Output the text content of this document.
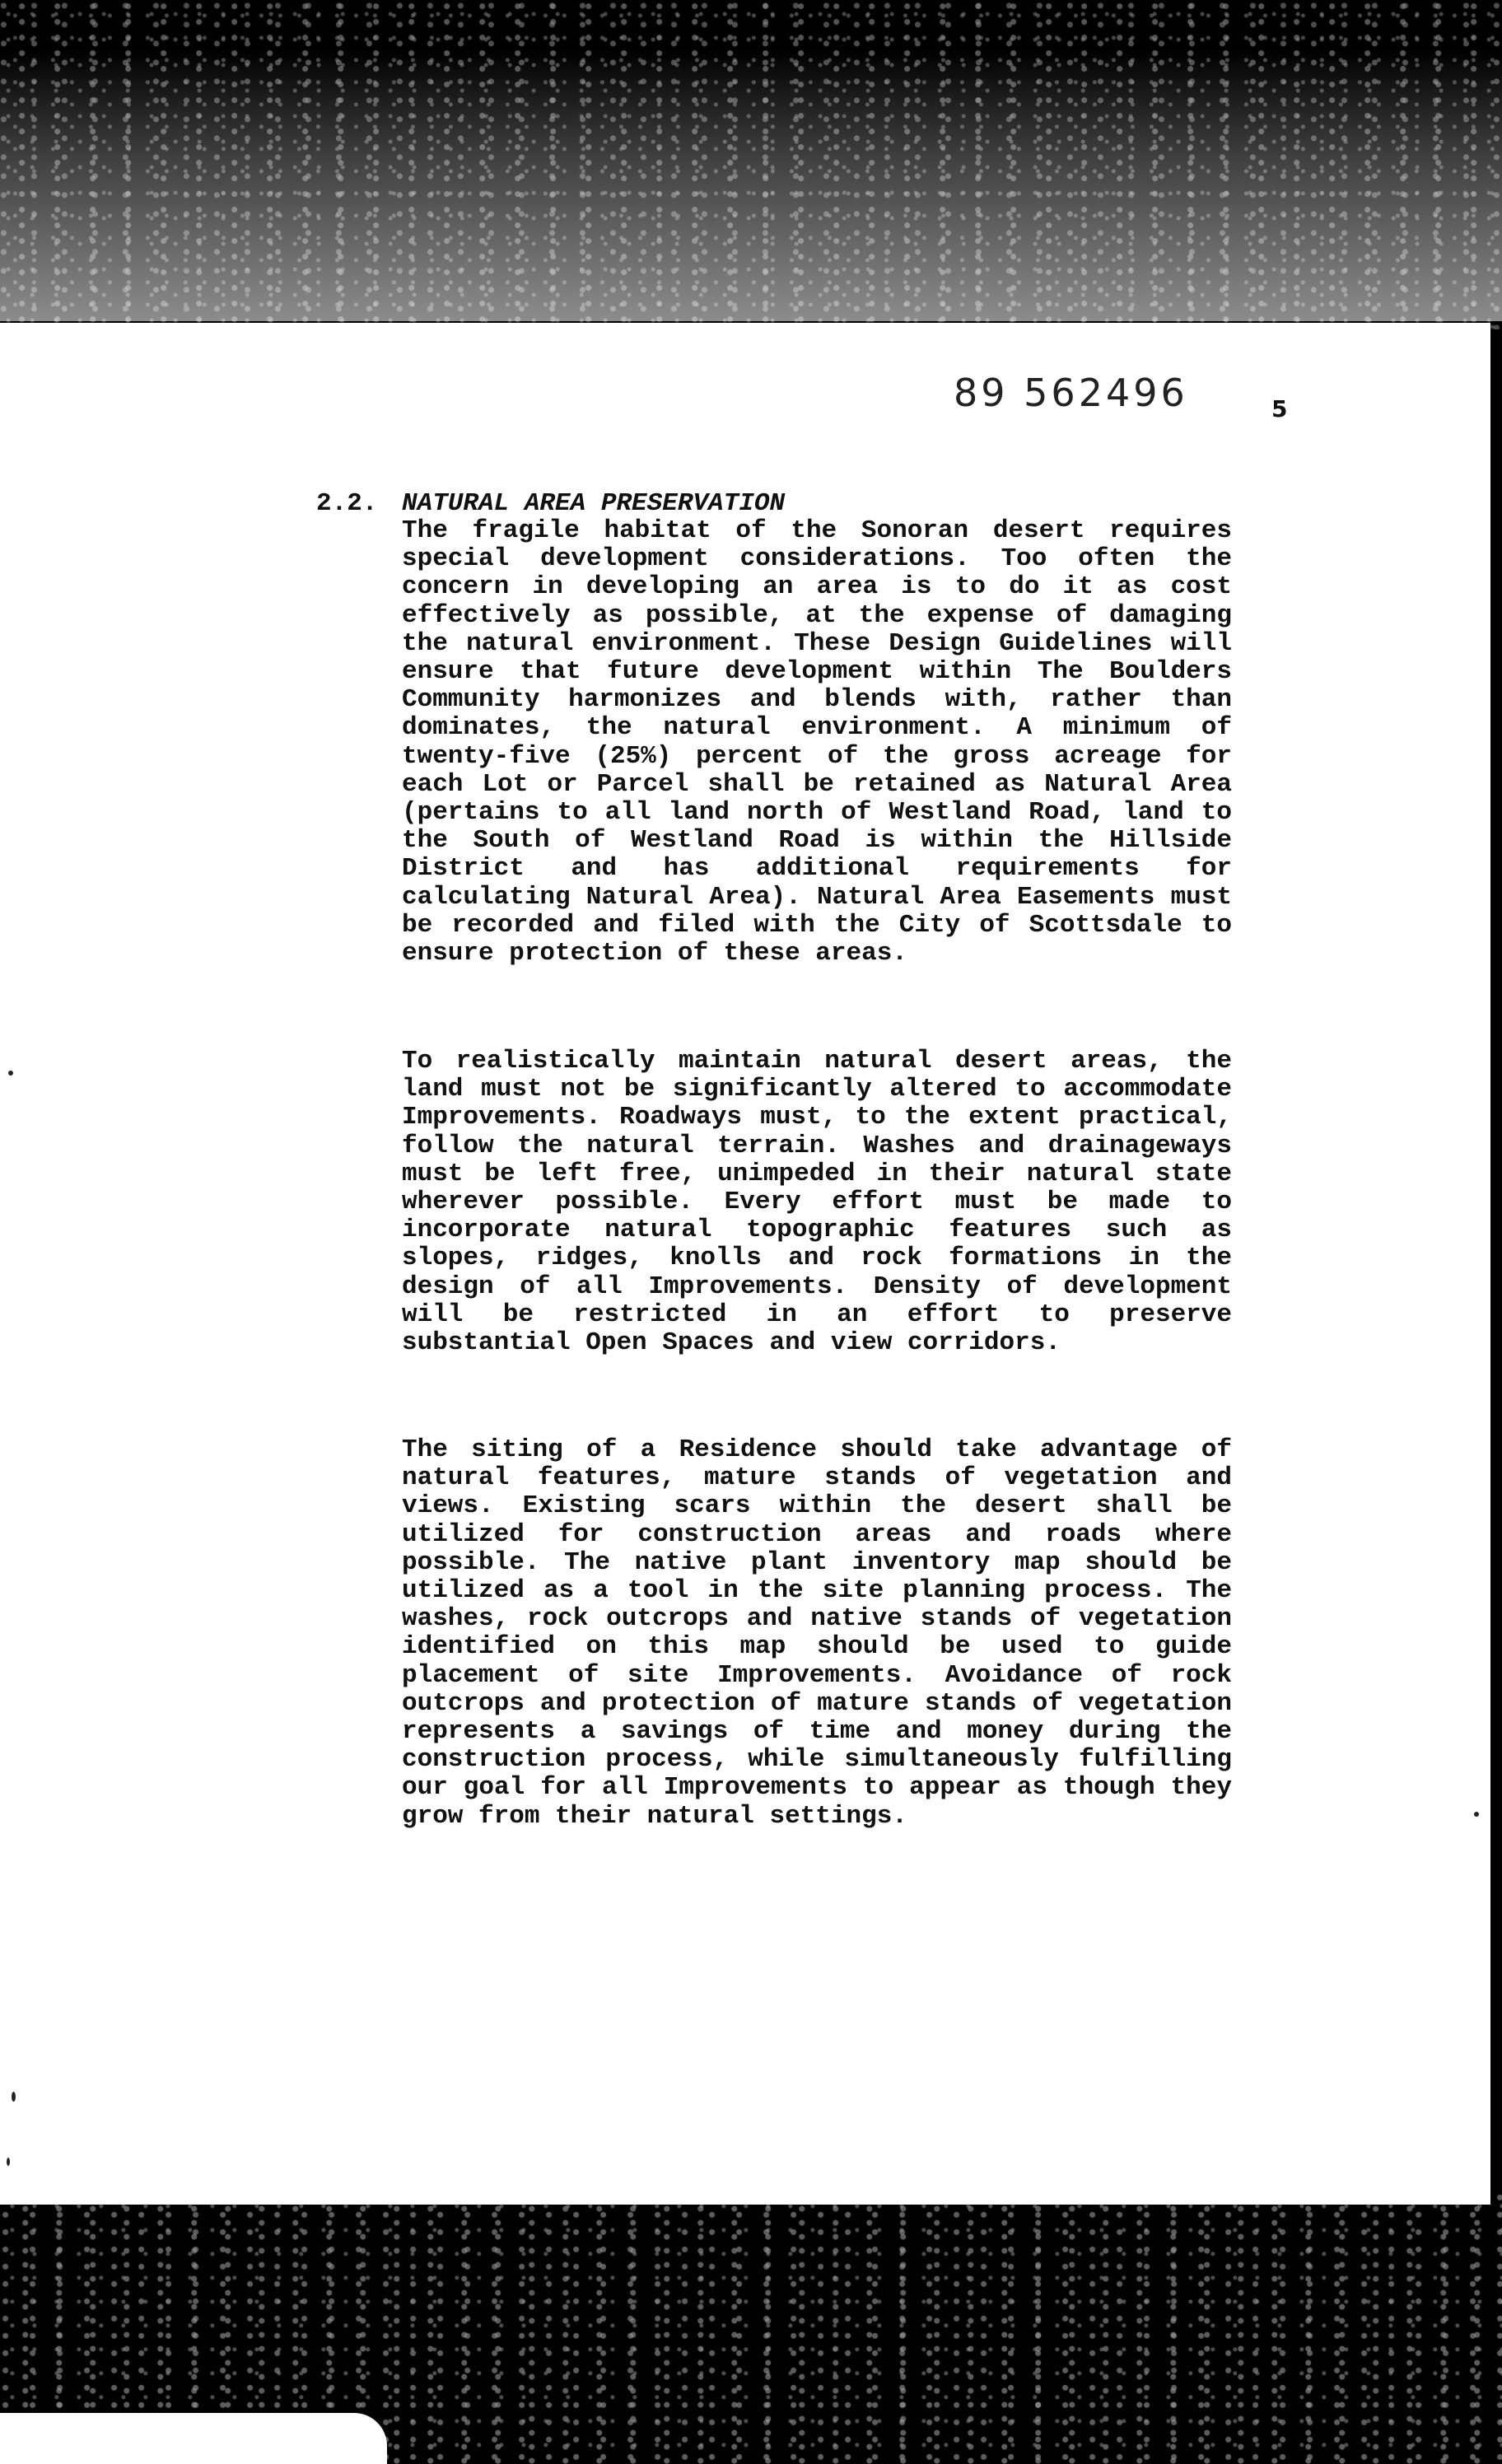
89 562496	5
2.2. NATURAL AREA PRESERVATION

The fragile habitat of the Sonoran desert requires special development considerations. Too often the concern in developing an area is to do it as cost effectively as possible, at the expense of damaging the natural environment. These Design Guidelines will ensure that future development within The Boulders Community harmonizes and blends with, rather than dominates, the natural environment. A minimum of twenty-five (25%) percent of the gross acreage for each Lot or Parcel shall be retained as Natural Area (pertains to all land north of Westland Road, land to the South of Westland Road is within the Hillside District and has additional requirements for calculating Natural Area). Natural Area Easements must be recorded and filed with the City of Scottsdale to ensure protection of these areas.

To realistically maintain natural desert areas, the land must not be significantly altered to accommodate Improvements. Roadways must, to the extent practical, follow the natural terrain. Washes and drainageways must be left free, unimpeded in their natural state wherever possible. Every effort must be made to incorporate natural topographic features such as slopes, ridges, knolls and rock formations in the design of all Improvements. Density of development will be restricted in an effort to preserve substantial Open Spaces and view corridors.

The siting of a Residence should take advantage of natural features, mature stands of vegetation and views. Existing scars within the desert shall be utilized for construction areas and roads where possible. The native plant inventory map should be utilized as a tool in the site planning process. The washes, rock outcrops and native stands of vegetation identified on this map should be used to guide placement of site Improvements. Avoidance of rock outcrops and protection of mature stands of vegetation represents a savings of time and money during the construction process, while simultaneously fulfilling our goal for all Improvements to appear as though they grow from their natural settings.
